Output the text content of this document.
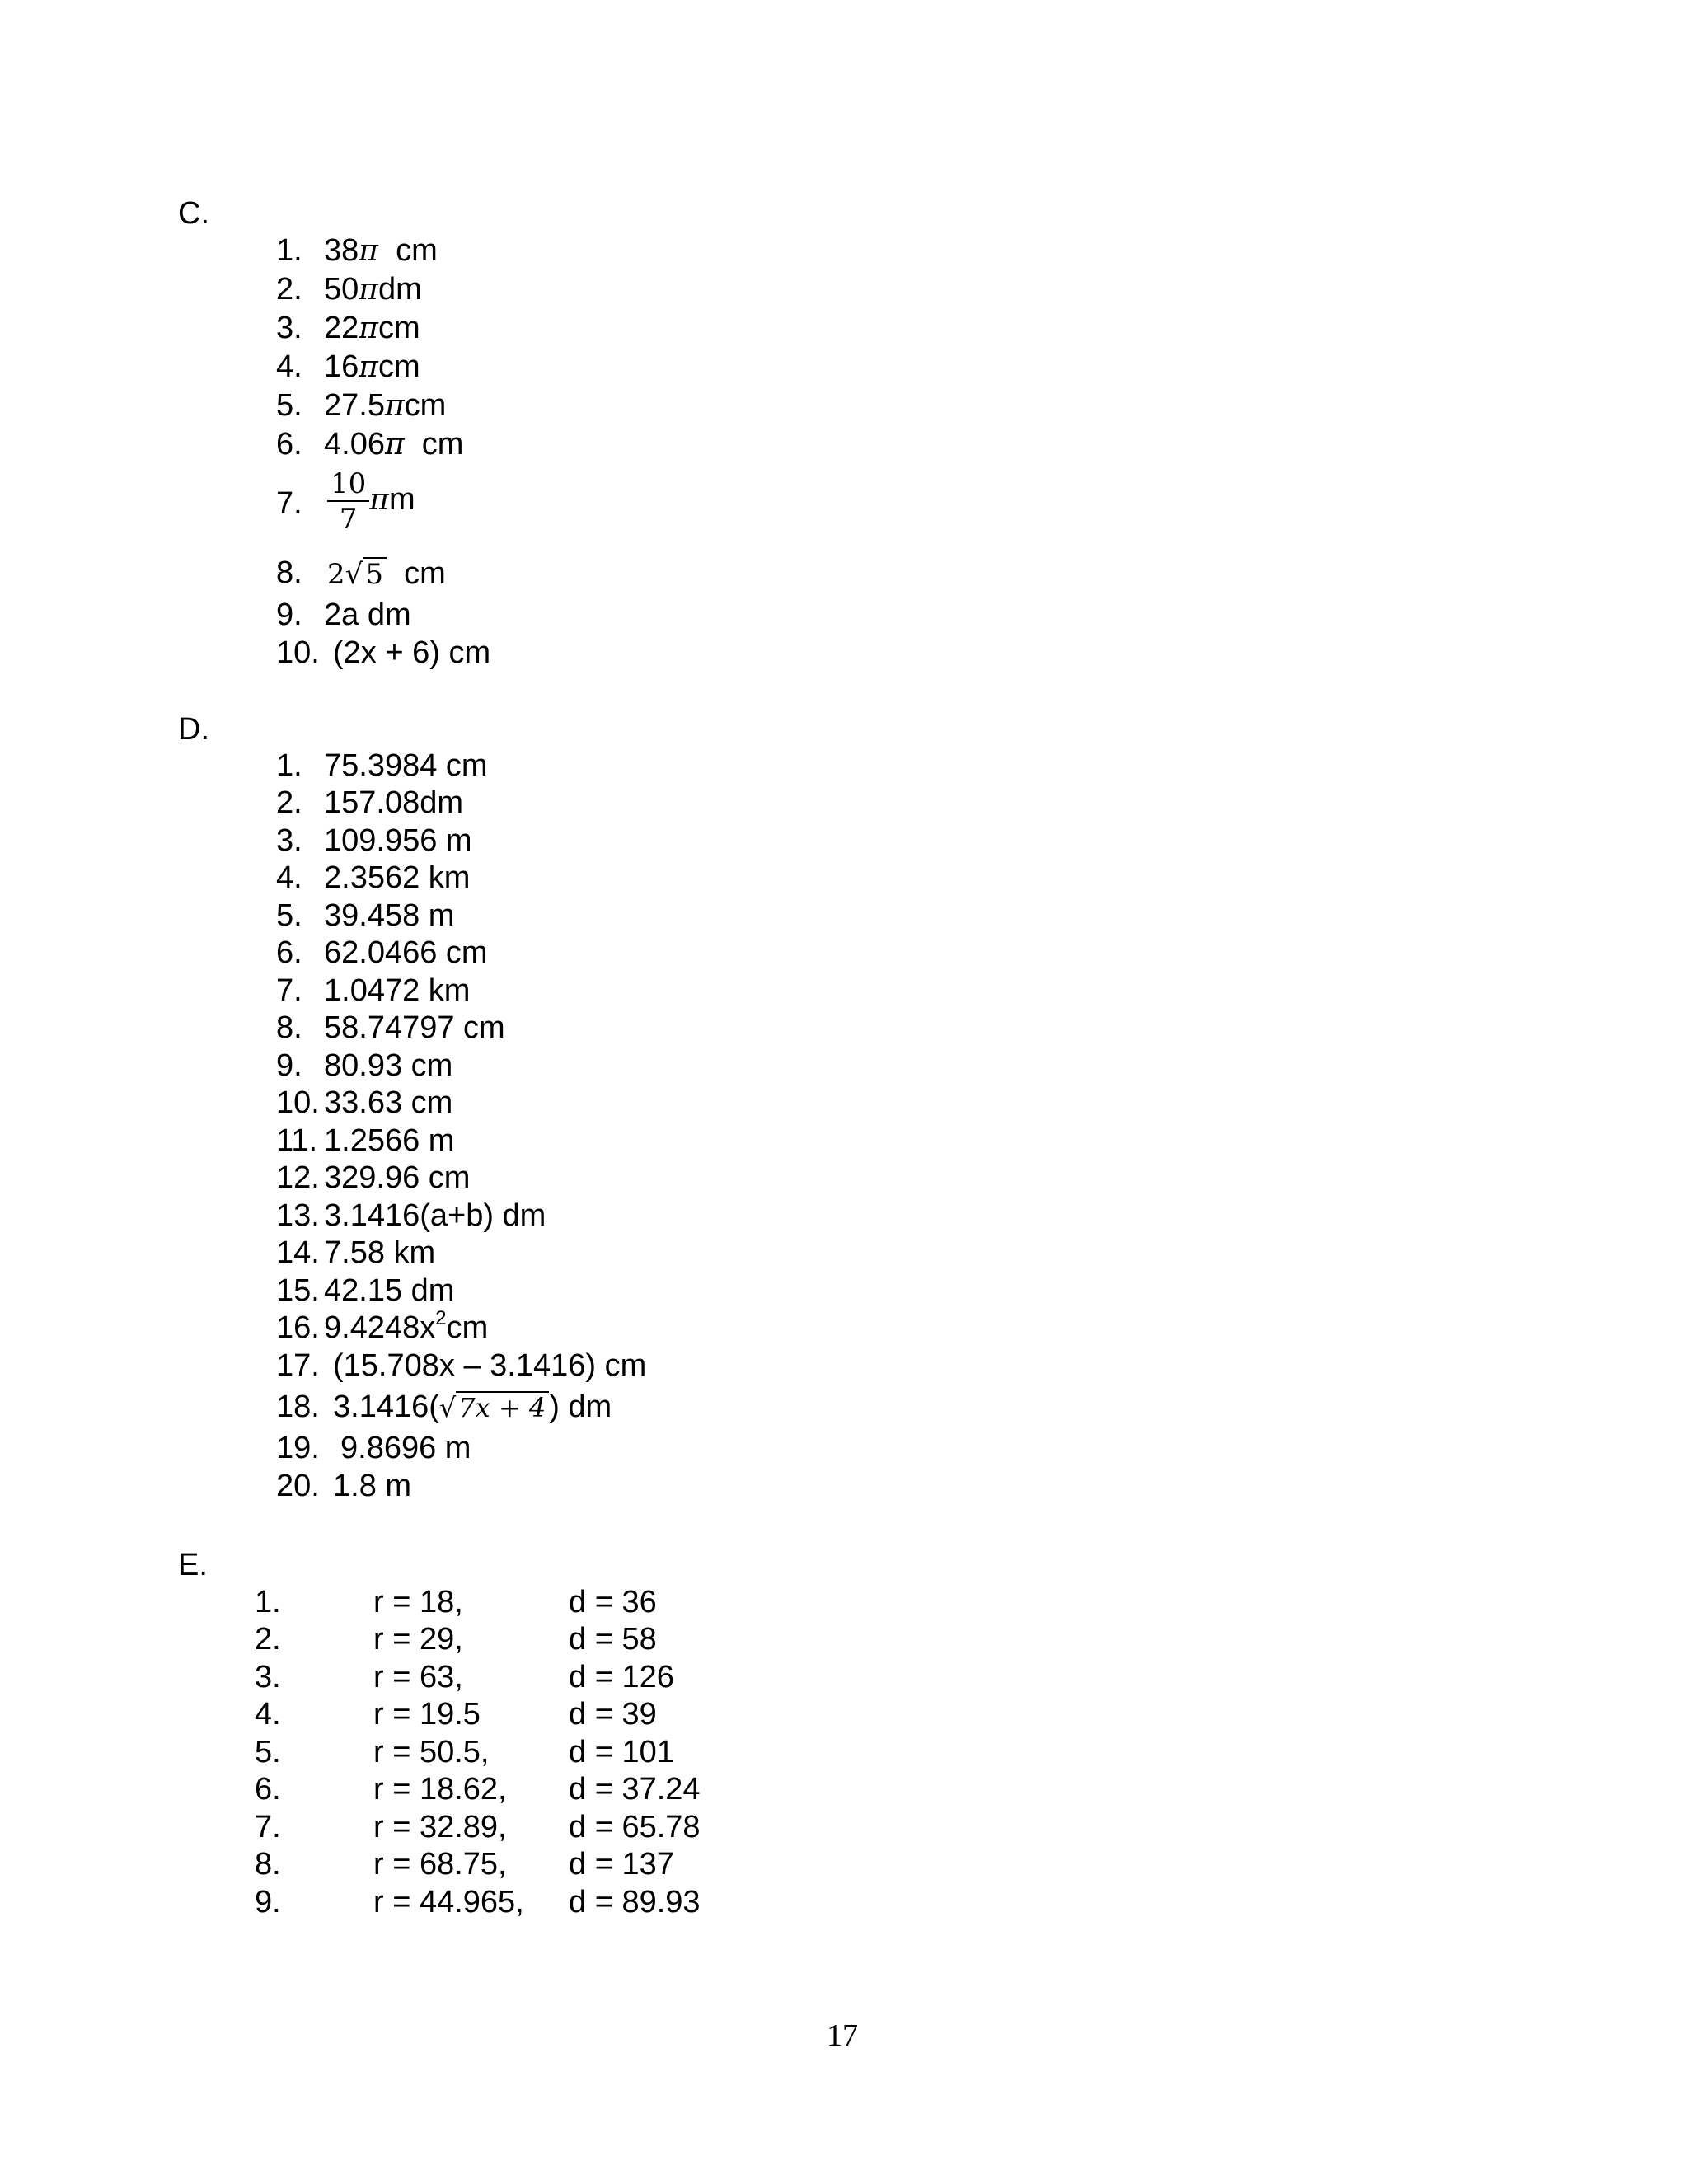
C.
1. 38π cm
2. 50πdm
3. 22πcm
4. 16πcm
5. 27.5πcm
6. 4.06π cm
7. $\frac{10}{7}$ πm
8. 2√5 cm
9. 2a dm
10. (2x + 6) cm
D.
1. 75.3984 cm
2. 157.08dm
3. 109.956 m
4. 2.3562 km
5. 39.458 m
6. 62.0466 cm
7. 1.0472 km
8. 58.74797 cm
9. 80.93 cm
10. 33.63 cm
11. 1.2566 m
12. 329.96 cm
13. 3.1416(a+b) dm
14. 7.58 km
15. 42.15 dm
16. $9.4248x^2cm$
17. (15.708x – 3.1416) cm
18. 3.1416(√7x + 4 ) dm
19. 9.8696 m
20. 1.8 m
E.
1.	r = 18,	d = 36
2.	r = 29,	d = 58
3.	r = 63,	d = 126
4.	r = 19.5	d = 39
5.	r = 50.5,	d = 101
6.	r = 18.62, d = 37.24
7.	r = 32.89, d = 65.78
8.	r = 68.75, d = 137
9.	r = 44.965, d = 89.93
17
